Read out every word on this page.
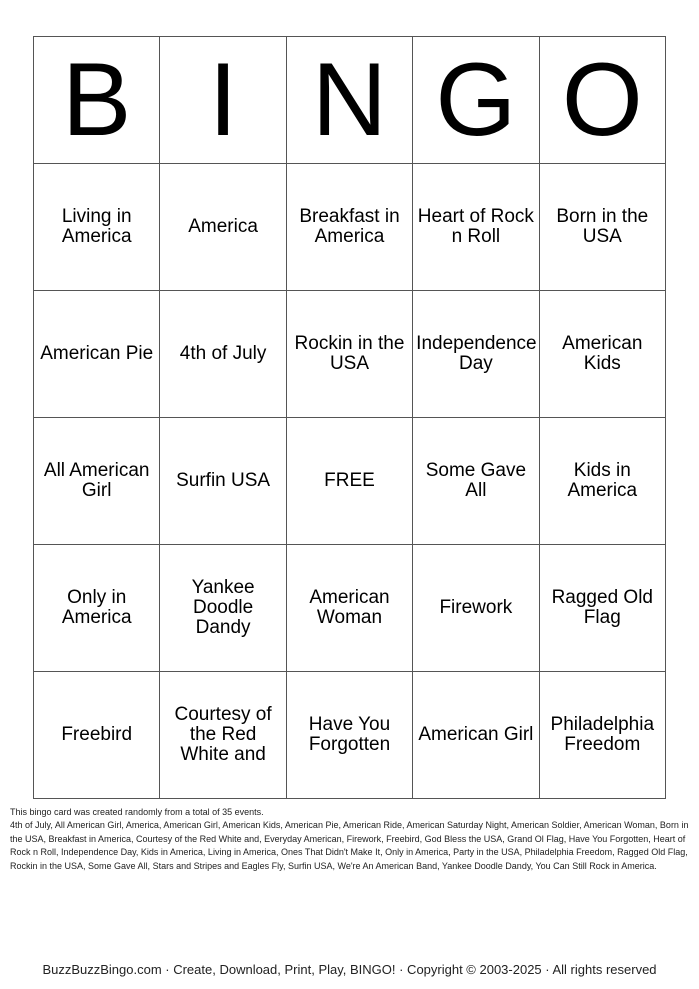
B	I	N	G	O
Living in America	America	Breakfast in America	Heart of Rock n Roll	Born in the USA
American Pie	4th of July	Rockin in the USA	Independence Day	American Kids
All American Girl	Surfin USA	FREE	Some Gave All	Kids in America
Only in America	Yankee Doodle Dandy	American Woman	Firework	Ragged Old Flag
Freebird	Courtesy of the Red White and	Have You Forgotten	American Girl	Philadelphia Freedom

This bingo card was created randomly from a total of 35 events.

4th of July, All American Girl, America, American Girl, American Kids, American Pie, American Ride, American Saturday Night, American Soldier, American Woman, Born in the USA, Breakfast in America, Courtesy of the Red White and, Everyday American, Firework, Freebird, God Bless the USA, Grand Ol Flag, Have You Forgotten, Heart of Rock n Roll, Independence Day, Kids in America, Living in America, Ones That Didn't Make It, Only in America, Party in the USA, Philadelphia Freedom, Ragged Old Flag, Rockin in the USA, Some Gave All, Stars and Stripes and Eagles Fly, Surfin USA, We're An American Band, Yankee Doodle Dandy, You Can Still Rock in America.

BuzzBuzzBingo.com · Create, Download, Print, Play, BINGO! · Copyright © 2003-2025 · All rights reserved
